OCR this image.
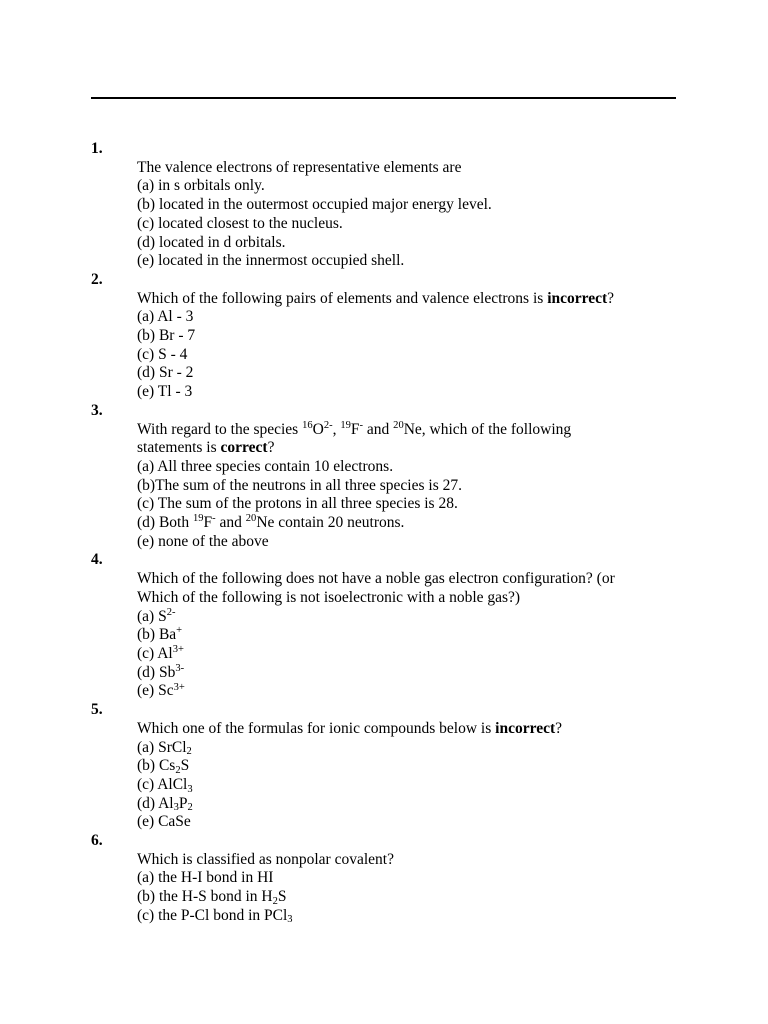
1.
The valence electrons of representative elements are
(a) in s orbitals only.
(b) located in the outermost occupied major energy level.
(c) located closest to the nucleus.
(d) located in d orbitals.
(e) located in the innermost occupied shell.
2.
Which of the following pairs of elements and valence electrons is incorrect?
(a) Al - 3
(b) Br - 7
(c) S - 4
(d) Sr - 2
(e) Tl - 3
3.
With regard to the species $^{16}O^{2-}$, $^{19}$F- and $^{20}$Ne, which of the following
statements is correct?
(a) All three species contain 10 electrons.
(b)The sum of the neutrons in all three species is 27.
(c) The sum of the protons in all three species is 28.
(d) Both $^{19}$F- and $^{20}$Ne contain 20 neutrons.
(e) none of the above
4.
Which of the following does not have a noble gas electron configuration? (or
Which of the following is not isoelectronic with a noble gas?)
(a) $S^{2-}$
(b) Ba+
(c) $Al^{3+}$
(d) $Sb^{3-}$
(e) $Sc^{3+}$
5.
Which one of the formulas for ionic compounds below is incorrect?
(a) SrCl$_2$
(b) $Cs_2S$
(c) AlCl$_3$
(d) $Al_3P_2$
(e) CaSe
6.
Which is classified as nonpolar covalent?
(a) the H-I bond in HI
(b) the H-S bond in $H_2S$
(c) the P-Cl bond in PCl$_3$
